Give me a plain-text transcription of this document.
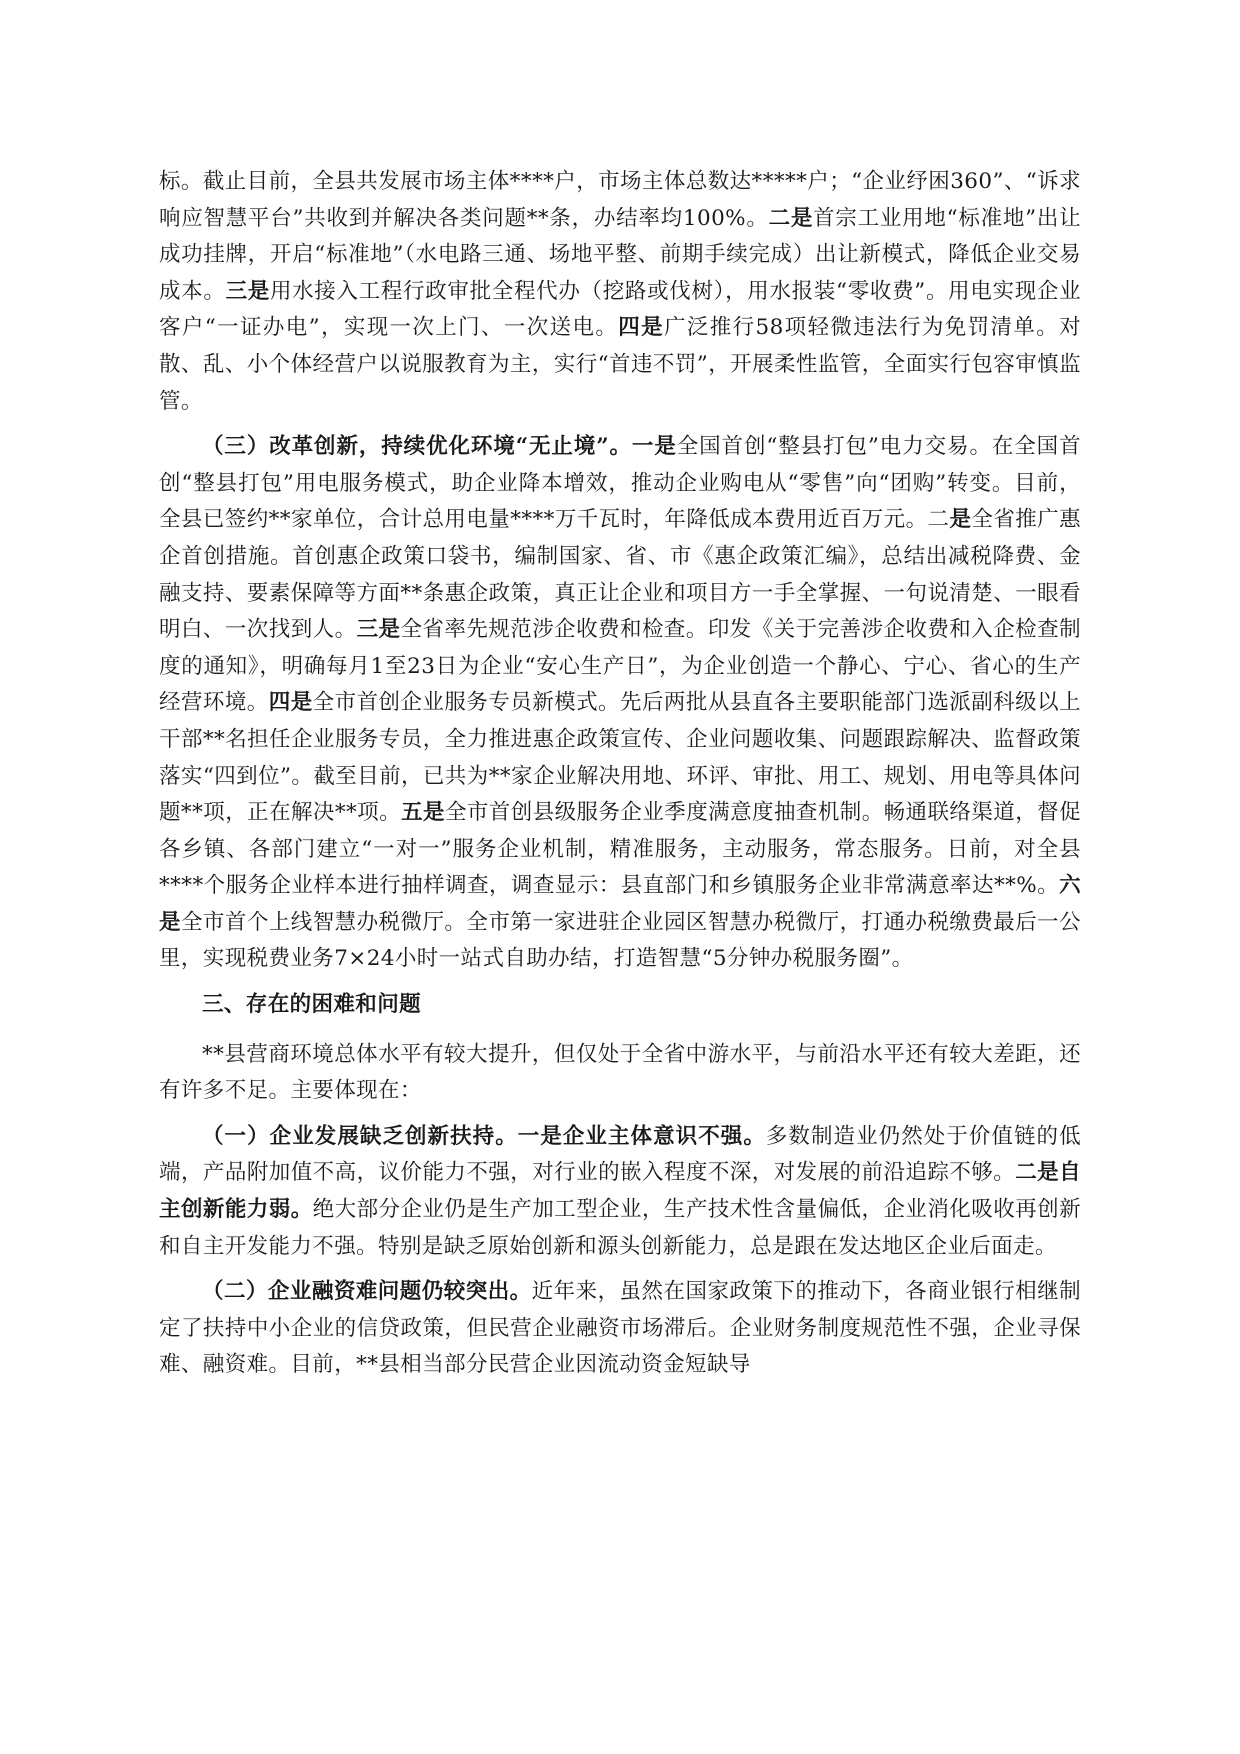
标。截止目前，全县共发展市场主体****户，市场主体总数达*****户；“企业纾困360”、“诉求响应智慧平台”共收到并解决各类问题**条，办结率均100%。二是首宗工业用地“标准地”出让成功挂牌，开启“标准地”（水电路三通、场地平整、前期手续完成）出让新模式，降低企业交易成本。三是用水接入工程行政审批全程代办（挖路或伐树），用水报装“零收费”。用电实现企业客户“一证办电”，实现一次上门、一次送电。四是广泛推行58项轻微违法行为免罚清单。对散、乱、小个体经营户以说服教育为主，实行“首违不罚”，开展柔性监管，全面实行包容审慎监管。

（三）改革创新，持续优化环境“无止境”。一是全国首创“整县打包”电力交易。在全国首创“整县打包”用电服务模式，助企业降本增效，推动企业购电从“零售”向“团购”转变。目前，全县已签约**家单位，合计总用电量****万千瓦时，年降低成本费用近百万元。二是全省推广惠企首创措施。首创惠企政策口袋书，编制国家、省、市《惠企政策汇编》，总结出减税降费、金融支持、要素保障等方面**条惠企政策，真正让企业和项目方一手全掌握、一句说清楚、一眼看明白、一次找到人。三是全省率先规范涉企收费和检查。印发《关于完善涉企收费和入企检查制度的通知》，明确每月1至23日为企业“安心生产日”，为企业创造一个静心、宁心、省心的生产经营环境。四是全市首创企业服务专员新模式。先后两批从县直各主要职能部门选派副科级以上干部**名担任企业服务专员，全力推进惠企政策宣传、企业问题收集、问题跟踪解决、监督政策落实“四到位”。截至目前，已共为**家企业解决用地、环评、审批、用工、规划、用电等具体问题**项，正在解决**项。五是全市首创县级服务企业季度满意度抽查机制。畅通联络渠道，督促各乡镇、各部门建立“一对一”服务企业机制，精准服务，主动服务，常态服务。日前，对全县****个服务企业样本进行抽样调查，调查显示：县直部门和乡镇服务企业非常满意率达**%。六是全市首个上线智慧办税微厅。全市第一家进驻企业园区智慧办税微厅，打通办税缴费最后一公里，实现税费业务7×24小时一站式自助办结，打造智慧“5分钟办税服务圈”。

三、存在的困难和问题

**县营商环境总体水平有较大提升，但仅处于全省中游水平，与前沿水平还有较大差距，还有许多不足。主要体现在：

（一）企业发展缺乏创新扶持。一是企业主体意识不强。多数制造业仍然处于价值链的低端，产品附加值不高，议价能力不强，对行业的嵌入程度不深，对发展的前沿追踪不够。二是自主创新能力弱。绝大部分企业仍是生产加工型企业，生产技术性含量偏低，企业消化吸收再创新和自主开发能力不强。特别是缺乏原始创新和源头创新能力，总是跟在发达地区企业后面走。

（二）企业融资难问题仍较突出。近年来，虽然在国家政策下的推动下，各商业银行相继制定了扶持中小企业的信贷政策，但民营企业融资市场滞后。企业财务制度规范性不强，企业寻保难、融资难。目前，**县相当部分民营企业因流动资金短缺导
